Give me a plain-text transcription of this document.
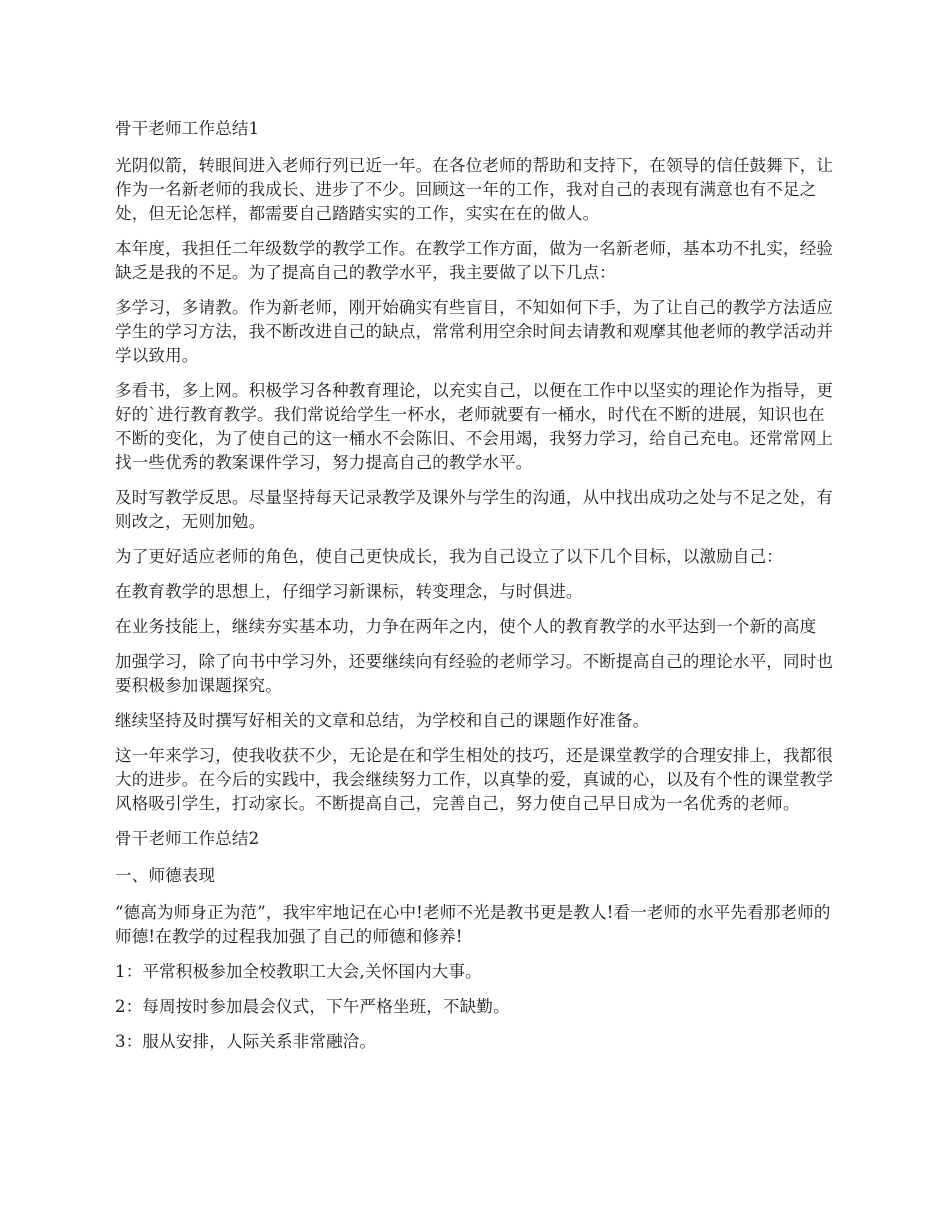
骨干老师工作总结1

光阴似箭，转眼间进入老师行列已近一年。在各位老师的帮助和支持下，在领导的信任鼓舞下，让作为一名新老师的我成长、进步了不少。回顾这一年的工作，我对自己的表现有满意也有不足之处，但无论怎样，都需要自己踏踏实实的工作，实实在在的做人。

本年度，我担任二年级数学的教学工作。在教学工作方面，做为一名新老师，基本功不扎实，经验缺乏是我的不足。为了提高自己的教学水平，我主要做了以下几点：

多学习，多请教。作为新老师，刚开始确实有些盲目，不知如何下手，为了让自己的教学方法适应学生的学习方法，我不断改进自己的缺点，常常利用空余时间去请教和观摩其他老师的教学活动并学以致用。

多看书，多上网。积极学习各种教育理论，以充实自己，以便在工作中以坚实的理论作为指导，更好的`进行教育教学。我们常说给学生一杯水，老师就要有一桶水，时代在不断的进展，知识也在不断的变化，为了使自己的这一桶水不会陈旧、不会用竭，我努力学习，给自己充电。还常常网上找一些优秀的教案课件学习，努力提高自己的教学水平。

及时写教学反思。尽量坚持每天记录教学及课外与学生的沟通，从中找出成功之处与不足之处，有则改之，无则加勉。

为了更好适应老师的角色，使自己更快成长，我为自己设立了以下几个目标，以激励自己：

在教育教学的思想上，仔细学习新课标，转变理念，与时俱进。

在业务技能上，继续夯实基本功，力争在两年之内，使个人的教育教学的水平达到一个新的高度

加强学习，除了向书中学习外，还要继续向有经验的老师学习。不断提高自己的理论水平，同时也要积极参加课题探究。

继续坚持及时撰写好相关的文章和总结，为学校和自己的课题作好准备。

这一年来学习，使我收获不少，无论是在和学生相处的技巧，还是课堂教学的合理安排上，我都很大的进步。在今后的实践中，我会继续努力工作，以真挚的爱，真诚的心，以及有个性的课堂教学风格吸引学生，打动家长。不断提高自己，完善自己，努力使自己早日成为一名优秀的老师。

骨干老师工作总结2

一、师德表现

“德高为师身正为范”，我牢牢地记在心中!老师不光是教书更是教人!看一老师的水平先看那老师的师德!在教学的过程我加强了自己的师德和修养!

1：平常积极参加全校教职工大会,关怀国内大事。

2：每周按时参加晨会仪式，下午严格坐班，不缺勤。

3：服从安排，人际关系非常融洽。
